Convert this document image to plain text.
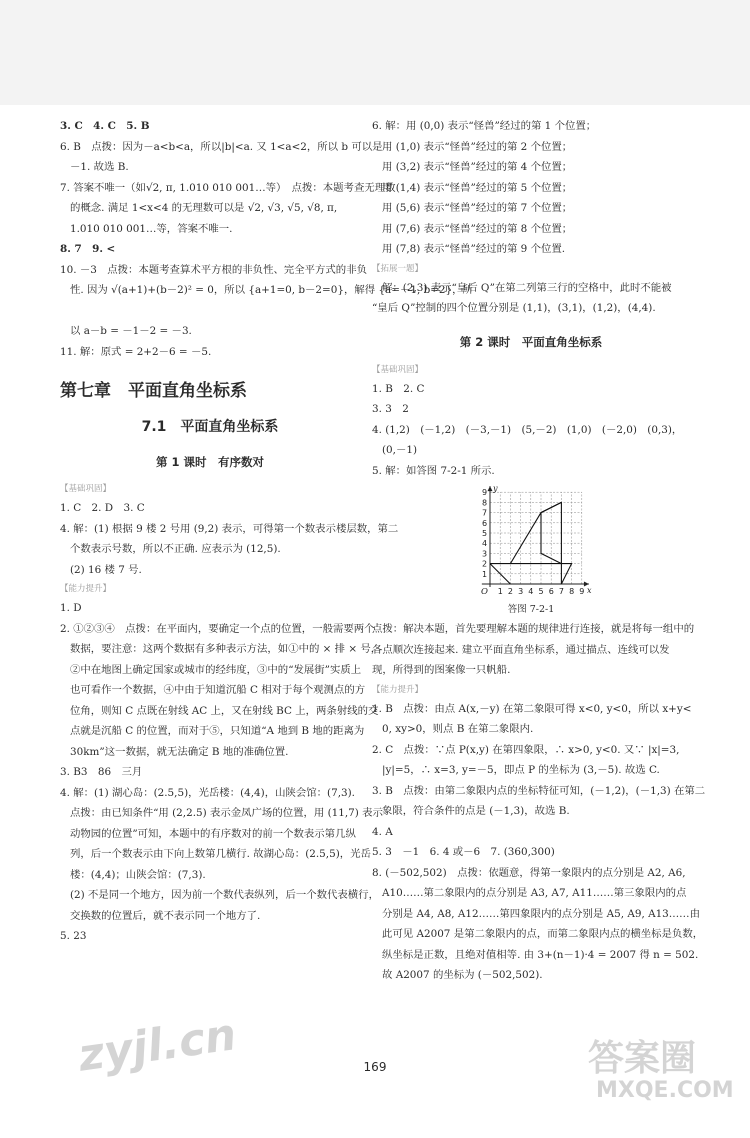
3. C　4. C　5. B
6. B　点拨：因为－a<b<a，所以|b|<a. 又 1<a<2，所以 b 可以是
－1. 故选 B.
7. 答案不唯一（如√2, π, 1.010 010 001…等）　点拨：本题考查无理数
的概念. 满足 1<x<4 的无理数可以是 √2, √3, √5, √8, π,
1.010 010 001…等，答案不唯一.
8. 7　9. <
10. －3　点拨：本题考查算术平方根的非负性、完全平方式的非负
性. 因为 √(a+1)+(b－2)² = 0，所以 {a+1=0, b－2=0}，解得 {a=－1, b=2}，所

以 a－b = －1－2 = －3.
11. 解：原式 = 2+2－6 = －5.
第七章　平面直角坐标系
7.1　平面直角坐标系
第 1 课时　有序数对
【基础巩固】
1. C　2. D　3. C
4. 解：(1) 根据 9 楼 2 号用 (9,2) 表示，可得第一个数表示楼层数，第二
个数表示号数，所以不正确. 应表示为 (12,5).
(2) 16 楼 7 号.
【能力提升】
1. D
2. ①②③④　点拨：在平面内，要确定一个点的位置，一般需要两个
数据，要注意：这两个数据有多种表示方法，如①中的 × 排 × 号，
②中在地图上确定国家或城市的经纬度，③中的“发展街”实质上
也可看作一个数据，④中由于知道沉船 C 相对于每个观测点的方
位角，则知 C 点既在射线 AC 上，又在射线 BC 上，两条射线的交
点就是沉船 C 的位置，而对于⑤，只知道“A 地到 B 地的距离为
30km”这一数据，就无法确定 B 地的准确位置.
3. B3　86　三月
4. 解：(1) 湖心岛：(2.5,5)，光岳楼：(4,4)，山陕会馆：(7,3).
点拨：由已知条件“用 (2,2.5) 表示金凤广场的位置，用 (11,7) 表示
动物园的位置”可知，本题中的有序数对的前一个数表示第几纵
列，后一个数表示由下向上数第几横行. 故湖心岛：(2.5,5)，光岳
楼：(4,4)；山陕会馆：(7,3).
(2) 不是同一个地方，因为前一个数代表纵列，后一个数代表横行，
交换数的位置后，就不表示同一个地方了.
5. 23
6. 解：用 (0,0) 表示“怪兽”经过的第 1 个位置；
用 (1,0) 表示“怪兽”经过的第 2 个位置；
用 (3,2) 表示“怪兽”经过的第 4 个位置；
用 (1,4) 表示“怪兽”经过的第 5 个位置；
用 (5,6) 表示“怪兽”经过的第 7 个位置；
用 (7,6) 表示“怪兽”经过的第 8 个位置；
用 (7,8) 表示“怪兽”经过的第 9 个位置.
【拓展一题】
解：(2,3) 表示“皇后 Q”在第二列第三行的空格中，此时不能被
“皇后 Q”控制的四个位置分别是 (1,1)，(3,1)，(1,2)，(4,4).
第 2 课时　平面直角坐标系
【基础巩固】
1. B　2. C
3. 3　2
4. (1,2)　(－1,2)　(－3,－1)　(5,－2)　(1,0)　(－2,0)　(0,3)，
(0,－1)
5. 解：如答图 7-2-1 所示.
1 2 3 4 5 6 7 8 9
1
2
3
4
5
6
7
8
9
O	x
y
答图 7-2-1
点拨：解决本题，首先要理解本题的规律进行连接，就是将每一组中的
各点顺次连接起来. 建立平面直角坐标系，通过描点、连线可以发
现，所得到的图案像一只帆船.
【能力提升】
1. B　点拨：由点 A(x,－y) 在第二象限可得 x<0, y<0，所以 x+y<
0, xy>0，则点 B 在第二象限内.
2. C　点拨：∵点 P(x,y) 在第四象限，∴ x>0, y<0. 又∵ |x|=3,
|y|=5，∴ x=3, y=－5，即点 P 的坐标为 (3,－5). 故选 C.
3. B　点拨：由第二象限内点的坐标特征可知，(－1,2)，(－1,3) 在第二
象限，符合条件的点是 (－1,3)，故选 B.
4. A
5. 3　－1　6. 4 或－6　7. (360,300)
8. (－502,502)　点拨：依题意，得第一象限内的点分别是 A2, A6,
A10……第二象限内的点分别是 A3, A7, A11……第三象限内的点
分别是 A4, A8, A12……第四象限内的点分别是 A5, A9, A13……由
此可见 A2007 是第二象限内的点，而第二象限内点的横坐标是负数，
纵坐标是正数，且绝对值相等. 由 3+(n－1)·4 = 2007 得 n = 502.
故 A2007 的坐标为 (－502,502).
169
zyjl.cn	答案圈
MXQE.COM
